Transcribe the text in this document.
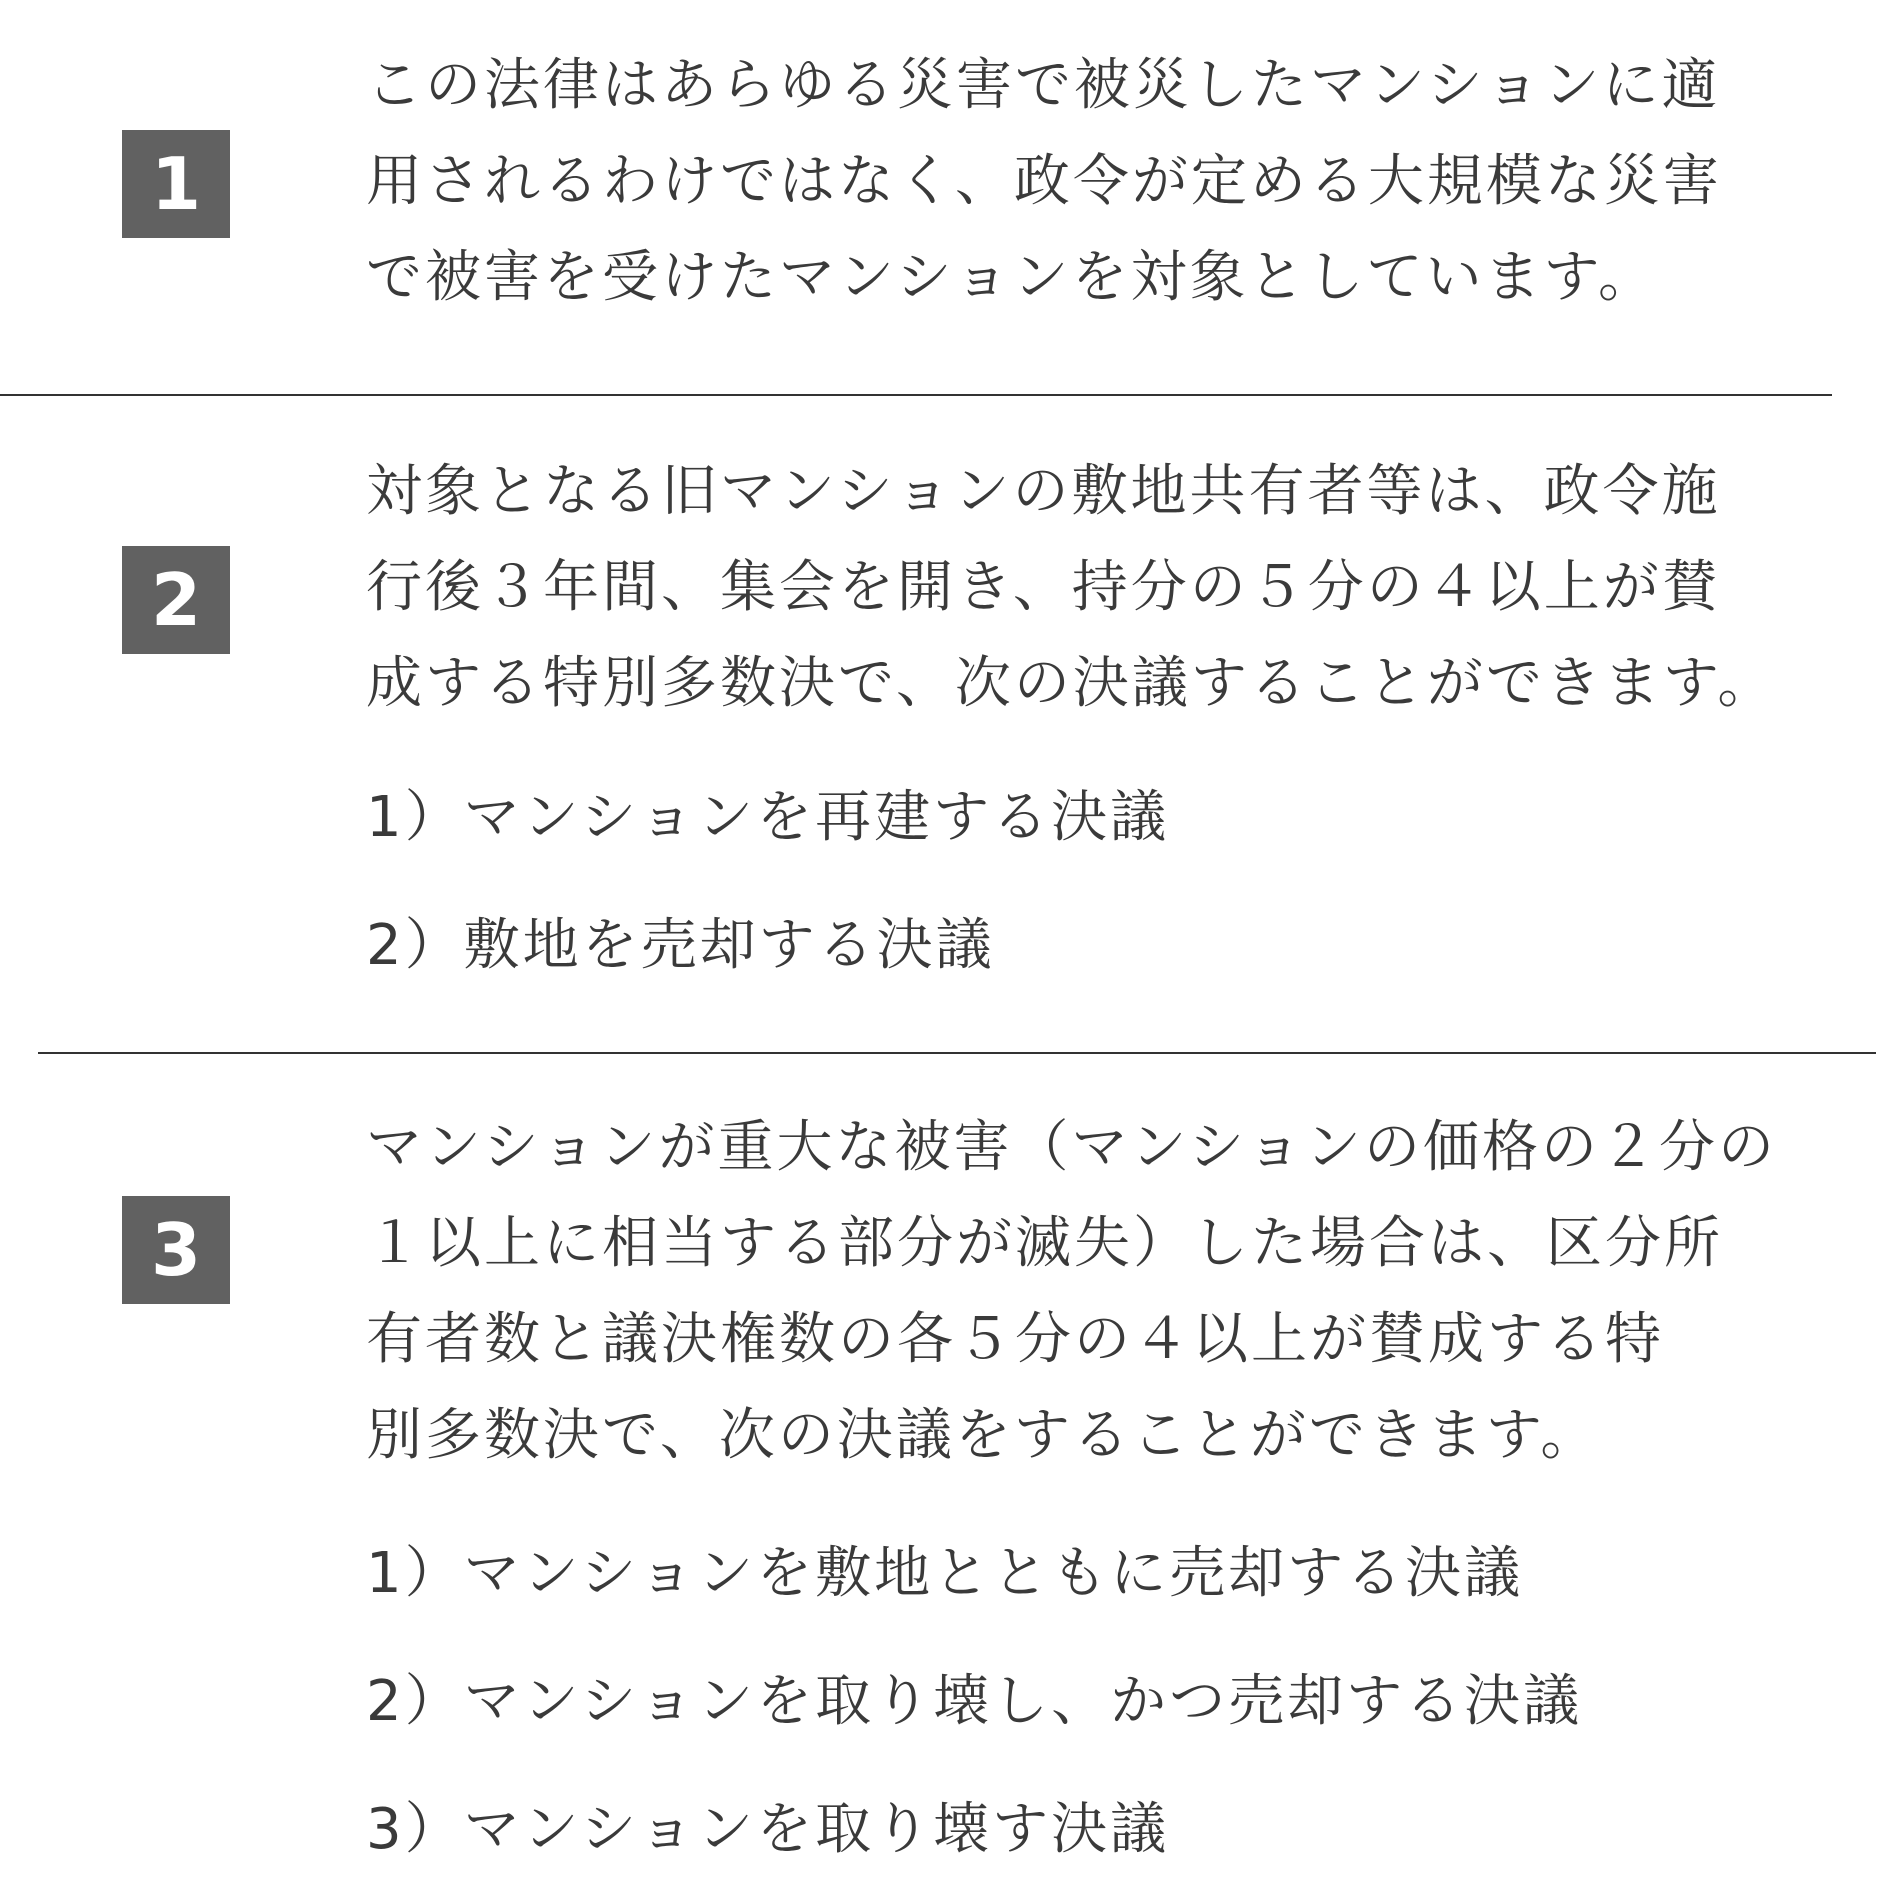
1
この法律はあらゆる災害で被災したマンションに適
用されるわけではなく、政令が定める大規模な災害
で被害を受けたマンションを対象としています。
2
対象となる旧マンションの敷地共有者等は、政令施
行後３年間、集会を開き、持分の５分の４以上が賛
成する特別多数決で、次の決議することができます。
1）マンションを再建する決議
2）敷地を売却する決議
3
マンションが重大な被害（マンションの価格の２分の
１以上に相当する部分が滅失）した場合は、区分所
有者数と議決権数の各５分の４以上が賛成する特
別多数決で、次の決議をすることができます。
1）マンションを敷地とともに売却する決議
2）マンションを取り壊し、かつ売却する決議
3）マンションを取り壊す決議
